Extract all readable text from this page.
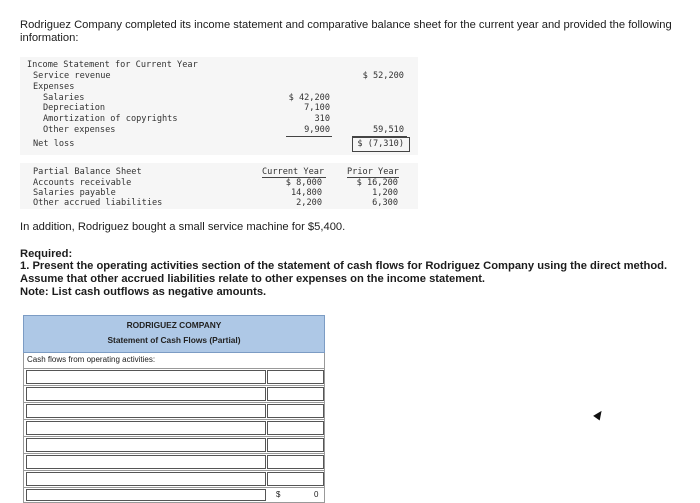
Rodriguez Company completed its income statement and comparative balance sheet for the current year and provided the following information:
Income Statement for Current Year
Service revenue	$ 52,200
Expenses
Salaries	$ 42,200
Depreciation	7,100
Amortization of copyrights	310
Other expenses	9,900	59,510
Net loss	$ (7,310)
Partial Balance Sheet	Current Year	Prior Year
Accounts receivable	$ 8,000	$ 16,200
Salaries payable	14,800	1,200
Other accrued liabilities	2,200	6,300
In addition, Rodriguez bought a small service machine for $5,400.
Required:
1. Present the operating activities section of the statement of cash flows for Rodriguez Company using the direct method. Assume that other accrued liabilities relate to other expenses on the income statement.
Note: List cash outflows as negative amounts.
RODRIGUEZ COMPANY
Statement of Cash Flows (Partial)
Cash flows from operating activities:
$	0
